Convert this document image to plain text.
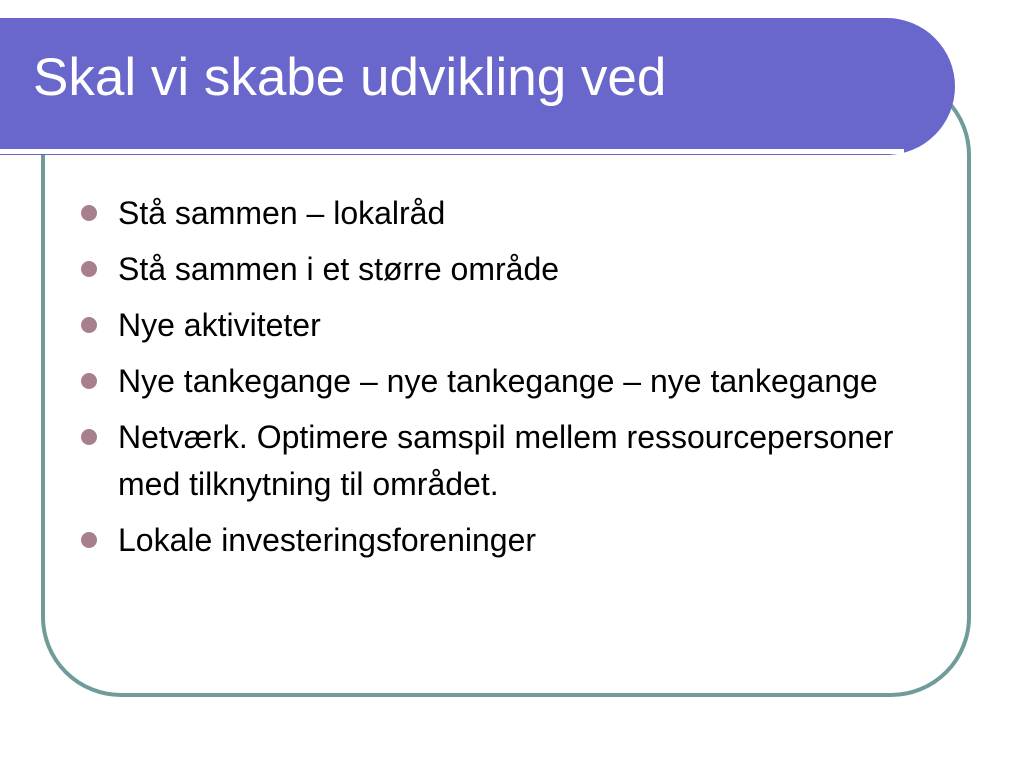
Skal vi skabe udvikling ved
Stå sammen – lokalråd
Stå sammen i et større område
Nye aktiviteter
Nye tankegange – nye tankegange – nye tankegange
Netværk. Optimere samspil mellem ressourcepersoner med tilknytning til området.
Lokale investeringsforeninger
